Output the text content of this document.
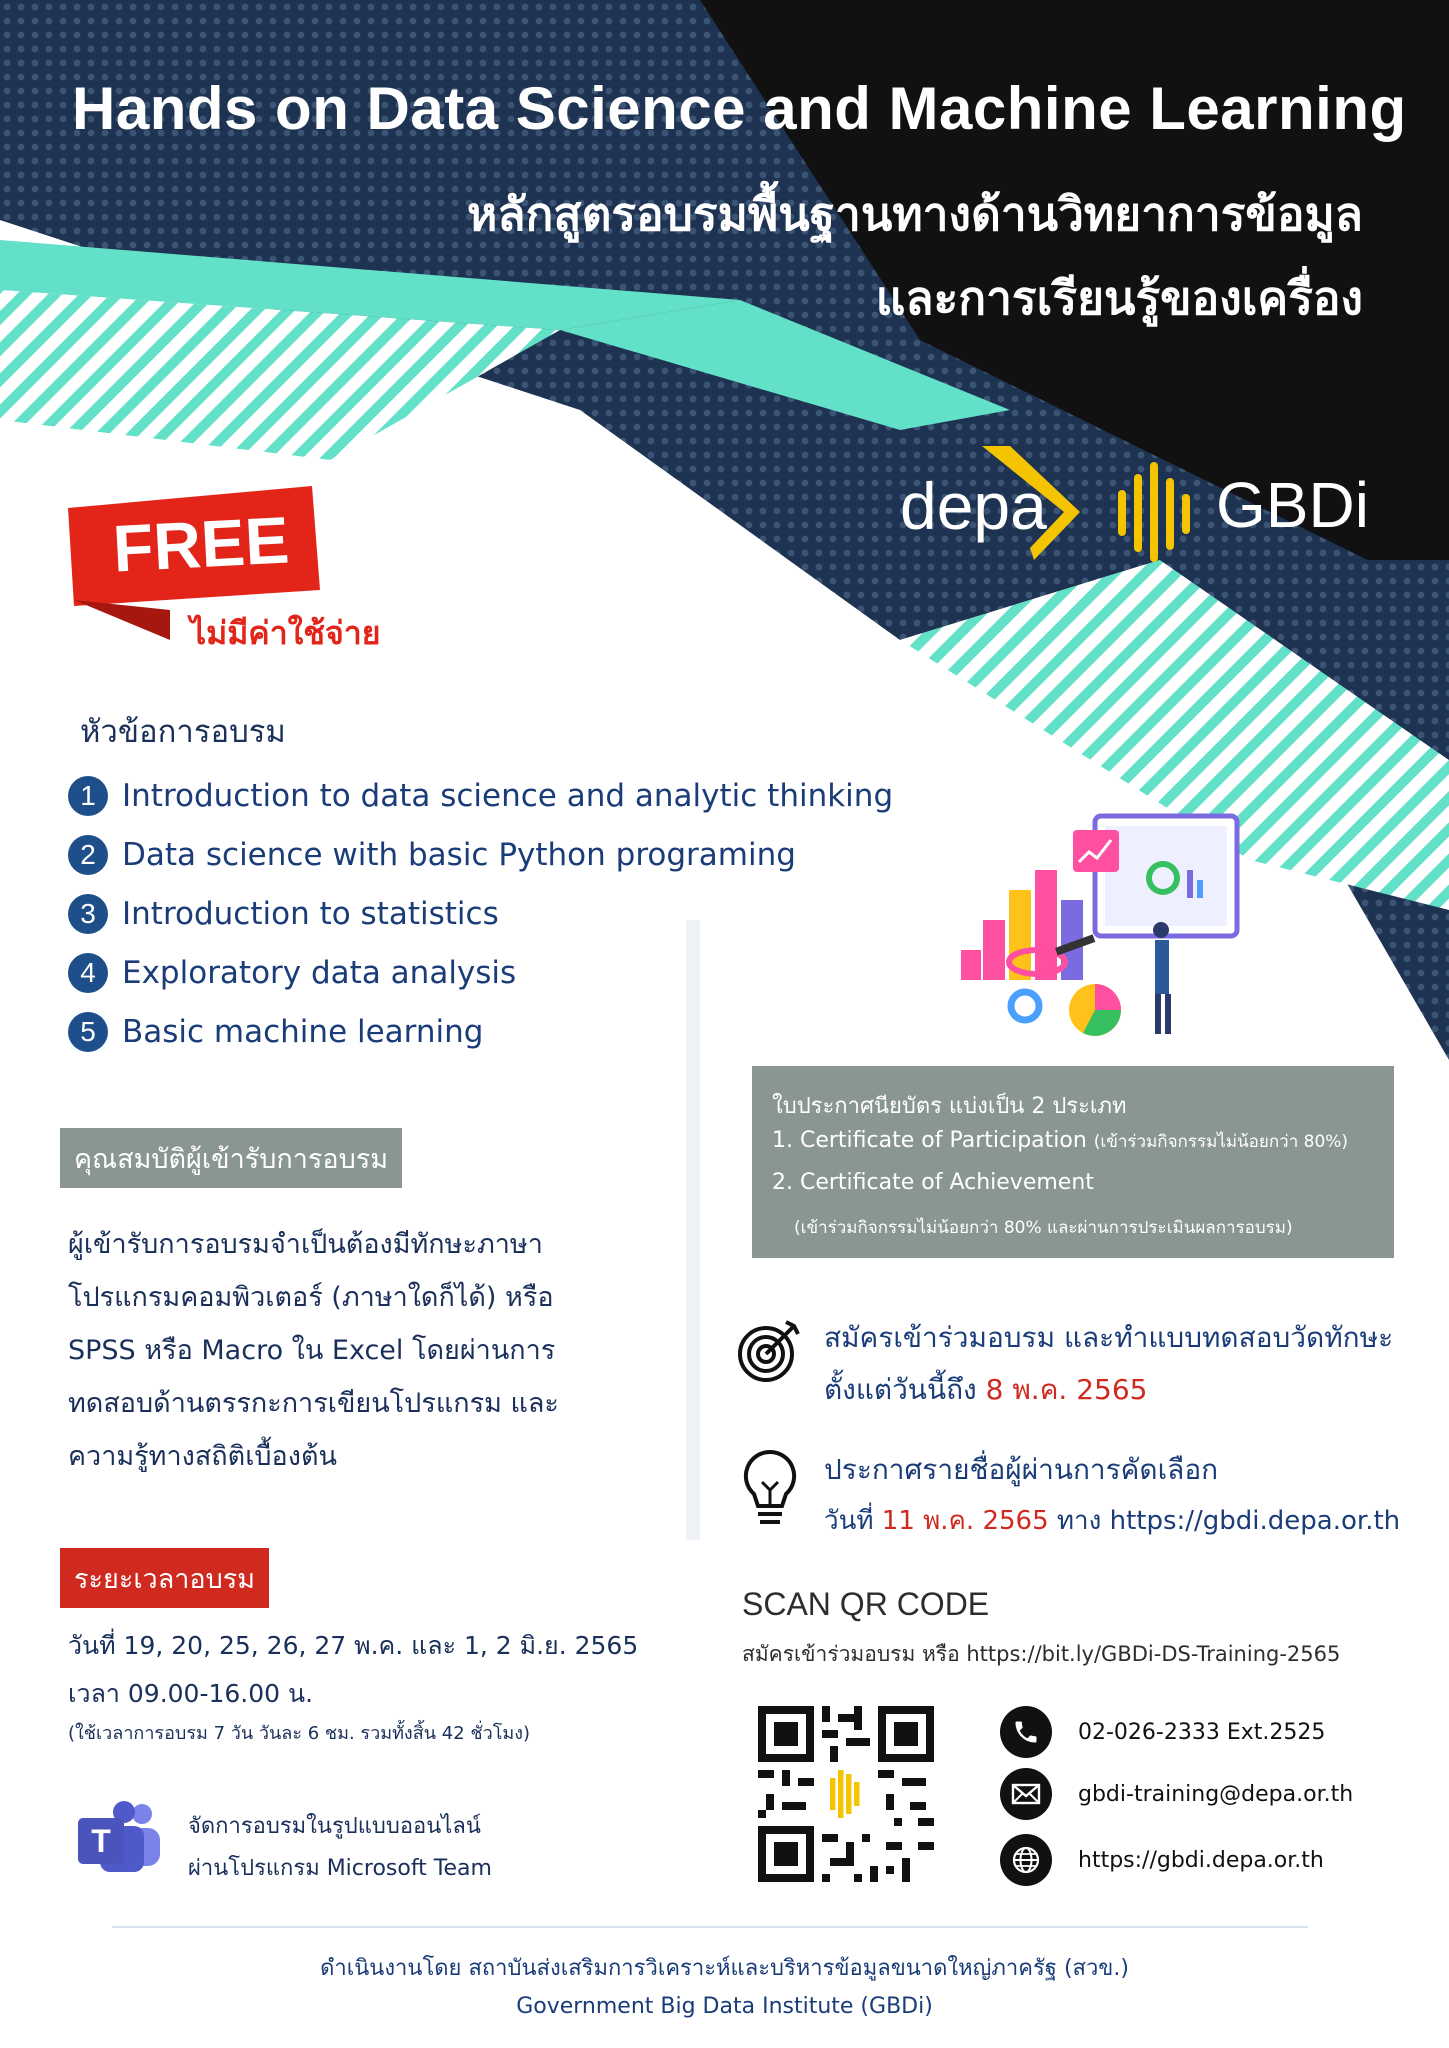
Hands on Data Science and Machine Learning
หลักสูตรอบรมพื้นฐานทางด้านวิทยาการข้อมูล
และการเรียนรู้ของเครื่อง
depa	GBDi
FREE
ไม่มีค่าใช้จ่าย
หัวข้อการอบรม
1 Introduction to data science and analytic thinking
2 Data science with basic Python programing
3 Introduction to statistics
4 Exploratory data analysis
5 Basic machine learning
คุณสมบัติผู้เข้ารับการอบรม
ผู้เข้ารับการอบรมจำเป็นต้องมีทักษะภาษา
โปรแกรมคอมพิวเตอร์ (ภาษาใดก็ได้) หรือ
SPSS หรือ Macro ใน Excel โดยผ่านการ
ทดสอบด้านตรรกะการเขียนโปรแกรม และ
ความรู้ทางสถิติเบื้องต้น
ระยะเวลาอบรม
วันที่ 19, 20, 25, 26, 27 พ.ค. และ 1, 2 มิ.ย. 2565
เวลา 09.00-16.00 น.
(ใช้เวลาการอบรม 7 วัน วันละ 6 ชม. รวมทั้งสิ้น 42 ชั่วโมง)
T	จัดการอบรมในรูปแบบออนไลน์
ผ่านโปรแกรม Microsoft Team
ใบประกาศนียบัตร แบ่งเป็น 2 ประเภท
1. Certificate of Participation (เข้าร่วมกิจกรรมไม่น้อยกว่า 80%)
2. Certificate of Achievement
(เข้าร่วมกิจกรรมไม่น้อยกว่า 80% และผ่านการประเมินผลการอบรม)
สมัครเข้าร่วมอบรม และทำแบบทดสอบวัดทักษะ
ตั้งแต่วันนี้ถึง 8 พ.ค. 2565
ประกาศรายชื่อผู้ผ่านการคัดเลือก
วันที่ 11 พ.ค. 2565 ทาง https://gbdi.depa.or.th
SCAN QR CODE
สมัครเข้าร่วมอบรม หรือ https://bit.ly/GBDi-DS-Training-2565
02-026-2333 Ext.2525
gbdi-training@depa.or.th
https://gbdi.depa.or.th
ดำเนินงานโดย สถาบันส่งเสริมการวิเคราะห์และบริหารข้อมูลขนาดใหญ่ภาครัฐ (สวข.)
Government Big Data Institute (GBDi)
